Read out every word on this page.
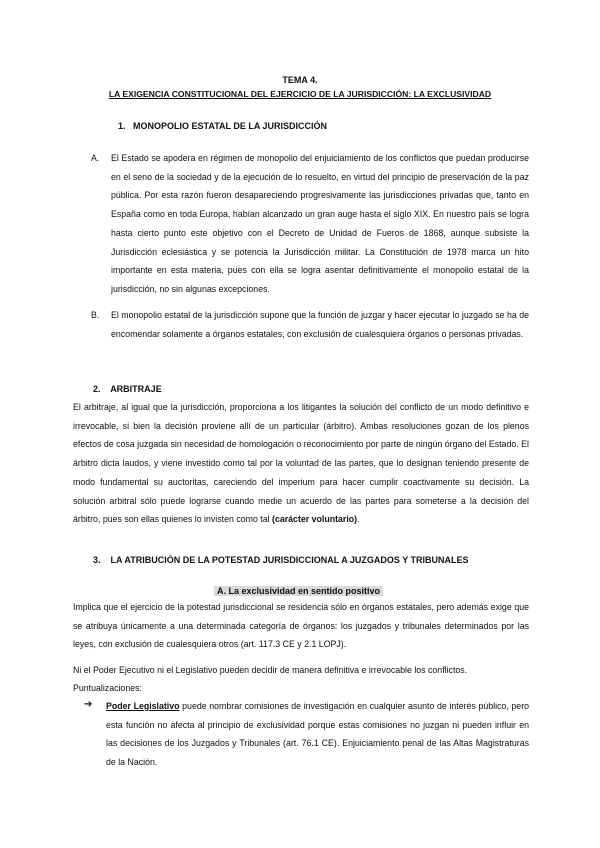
TEMA 4.
LA EXIGENCIA CONSTITUCIONAL DEL EJERCICIO DE LA JURISDICCIÓN: LA EXCLUSIVIDAD
1. MONOPOLIO ESTATAL DE LA JURISDICCIÓN
A. El Estado se apodera en régimen de monopolio del enjuiciamiento de los conflictos que puedan producirse en el seno de la sociedad y de la ejecución de lo resuelto, en virtud del principio de preservación de la paz pública. Por esta razón fueron desapareciendo progresivamente las jurisdicciones privadas que, tanto en España como en toda Europa, habían alcanzado un gran auge hasta el siglo XIX. En nuestro país se logra hasta cierto punto este objetivo con el Decreto de Unidad de Fueros de 1868, aunque subsiste la Jurisdicción eclesiástica y se potencia la Jurisdicción militar. La Constitución de 1978 marca un hito importante en esta materia, pues con ella se logra asentar definitivamente el monopolio estatal de la jurisdicción, no sin algunas excepciones.
B. El monopolio estatal de la jurisdicción supone que la función de juzgar y hacer ejecutar lo juzgado se ha de encomendar solamente a órganos estatales, con exclusión de cualesquiera órganos o personas privadas.
2. ARBITRAJE
El arbitraje, al igual que la jurisdicción, proporciona a los litigantes la solución del conflicto de un modo definitivo e irrevocable, si bien la decisión proviene allí de un particular (árbitro). Ambas resoluciones gozan de los plenos efectos de cosa juzgada sin necesidad de homologación o reconocimiento por parte de ningún órgano del Estado. El árbitro dicta laudos, y viene investido como tal por la voluntad de las partes, que lo designan teniendo presente de modo fundamental su auctoritas, careciendo del imperium para hacer cumplir coactivamente su decisión. La solución arbitral sólo puede lograrse cuando medie un acuerdo de las partes para someterse a la decisión del árbitro, pues son ellas quienes lo invisten como tal (carácter voluntario).
3. LA ATRIBUCIÓN DE LA POTESTAD JURISDICCIONAL A JUZGADOS Y TRIBUNALES
A. La exclusividad en sentido positivo
Implica que el ejercicio de la potestad jurisdiccional se residencia sólo en órganos estatales, pero además exige que se atribuya únicamente a una determinada categoría de órganos: los juzgados y tribunales determinados por las leyes, con exclusión de cualesquiera otros (art. 117.3 CE y 2.1 LOPJ).
Ni el Poder Ejecutivo ni el Legislativo pueden decidir de manera definitiva e irrevocable los conflictos.
Puntualizaciones:
➔ Poder Legislativo puede nombrar comisiones de investigación en cualquier asunto de interés público, pero esta función no afecta al principio de exclusividad porque estas comisiones no juzgan ni pueden influir en las decisiones de los Juzgados y Tribunales (art. 76.1 CE). Enjuiciamiento penal de las Altas Magistraturas de la Nación.
